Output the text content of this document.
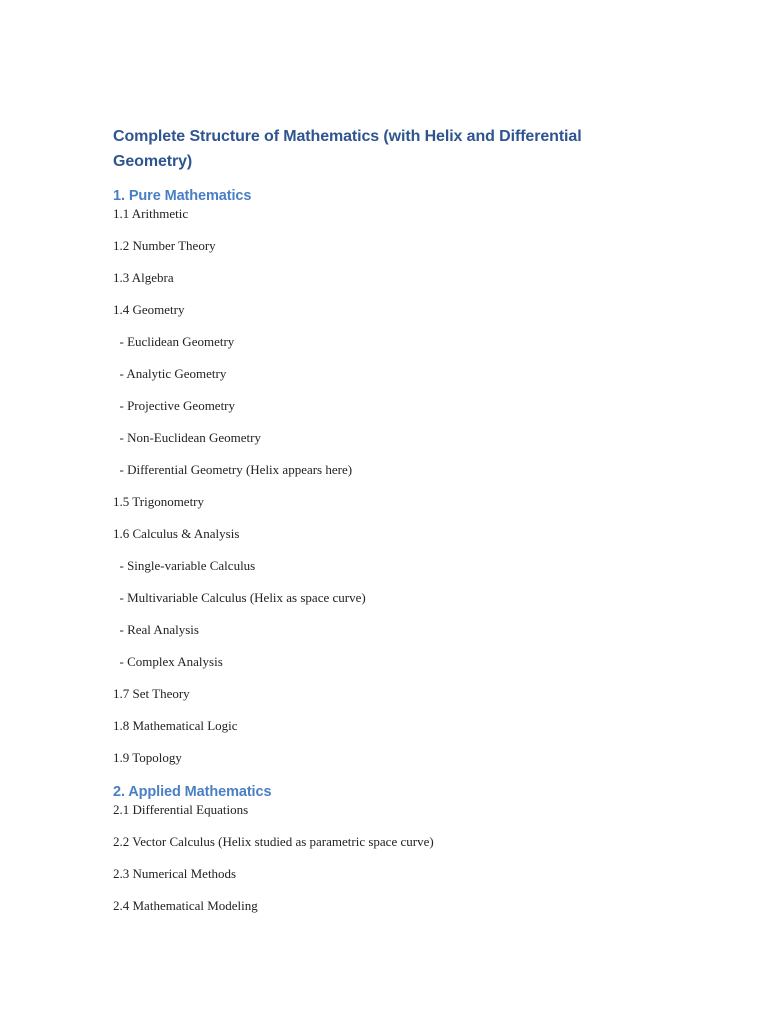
Complete Structure of Mathematics (with Helix and Differential Geometry)
1. Pure Mathematics
1.1 Arithmetic
1.2 Number Theory
1.3 Algebra
1.4 Geometry
- Euclidean Geometry
- Analytic Geometry
- Projective Geometry
- Non-Euclidean Geometry
- Differential Geometry (Helix appears here)
1.5 Trigonometry
1.6 Calculus & Analysis
- Single-variable Calculus
- Multivariable Calculus (Helix as space curve)
- Real Analysis
- Complex Analysis
1.7 Set Theory
1.8 Mathematical Logic
1.9 Topology
2. Applied Mathematics
2.1 Differential Equations
2.2 Vector Calculus (Helix studied as parametric space curve)
2.3 Numerical Methods
2.4 Mathematical Modeling
